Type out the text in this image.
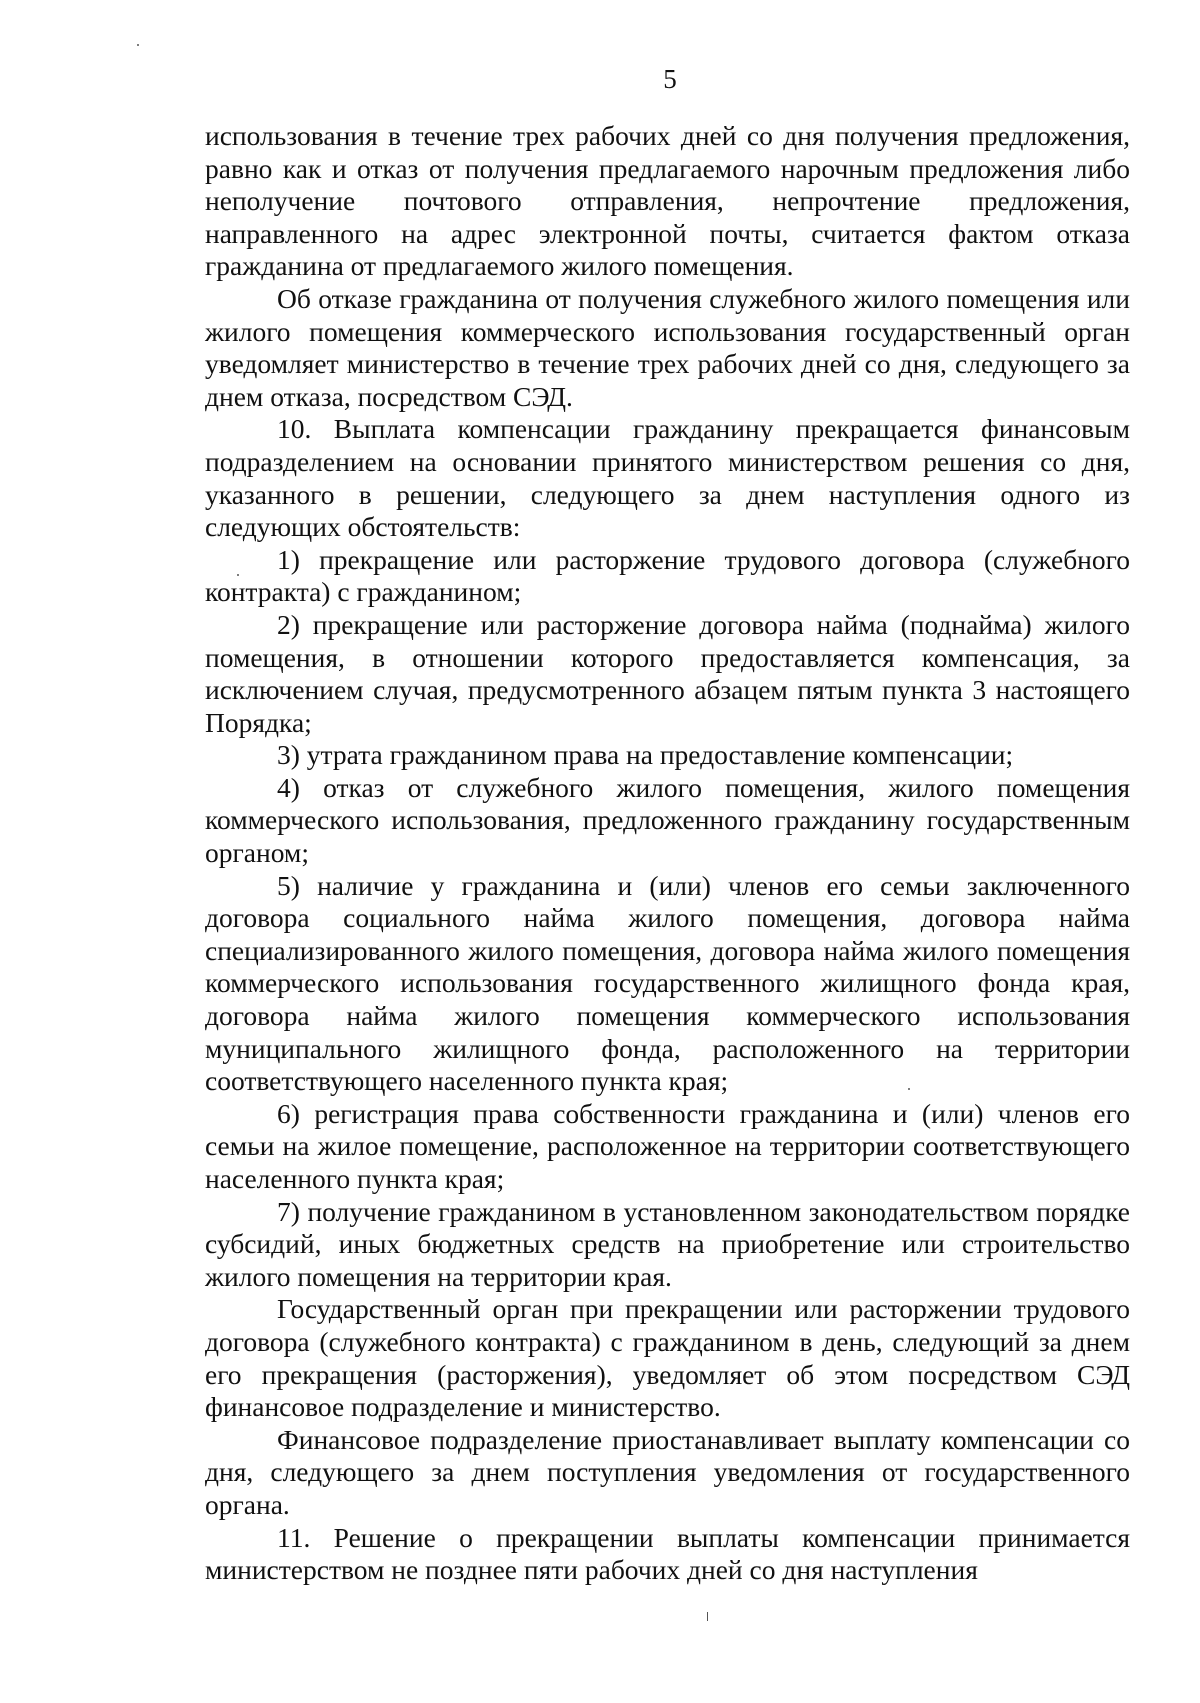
5

использования в течение трех рабочих дней со дня получения предложения, равно как и отказ от получения предлагаемого нарочным предложения либо неполучение почтового отправления, непрочтение предложения, направленного на адрес электронной почты, считается фактом отказа гражданина от предлагаемого жилого помещения.

Об отказе гражданина от получения служебного жилого помещения или жилого помещения коммерческого использования государственный орган уведомляет министерство в течение трех рабочих дней со дня, следующего за днем отказа, посредством СЭД.

10. Выплата компенсации гражданину прекращается финансовым подразделением на основании принятого министерством решения со дня, указанного в решении, следующего за днем наступления одного из следующих обстоятельств:

1) прекращение или расторжение трудового договора (служебного контракта) с гражданином;

2) прекращение или расторжение договора найма (поднайма) жилого помещения, в отношении которого предоставляется компенсация, за исключением случая, предусмотренного абзацем пятым пункта 3 настоящего Порядка;

3) утрата гражданином права на предоставление компенсации;

4) отказ от служебного жилого помещения, жилого помещения коммерческого использования, предложенного гражданину государственным органом;

5) наличие у гражданина и (или) членов его семьи заключенного договора социального найма жилого помещения, договора найма специализированного жилого помещения, договора найма жилого помещения коммерческого использования государственного жилищного фонда края, договора найма жилого помещения коммерческого использования муниципального жилищного фонда, расположенного на территории соответствующего населенного пункта края;

6) регистрация права собственности гражданина и (или) членов его семьи на жилое помещение, расположенное на территории соответствующего населенного пункта края;

7) получение гражданином в установленном законодательством порядке субсидий, иных бюджетных средств на приобретение или строительство жилого помещения на территории края.

Государственный орган при прекращении или расторжении трудового договора (служебного контракта) с гражданином в день, следующий за днем его прекращения (расторжения), уведомляет об этом посредством СЭД финансовое подразделение и министерство.

Финансовое подразделение приостанавливает выплату компенсации со дня, следующего за днем поступления уведомления от государственного органа.

11. Решение о прекращении выплаты компенсации принимается министерством не позднее пяти рабочих дней со дня наступления
